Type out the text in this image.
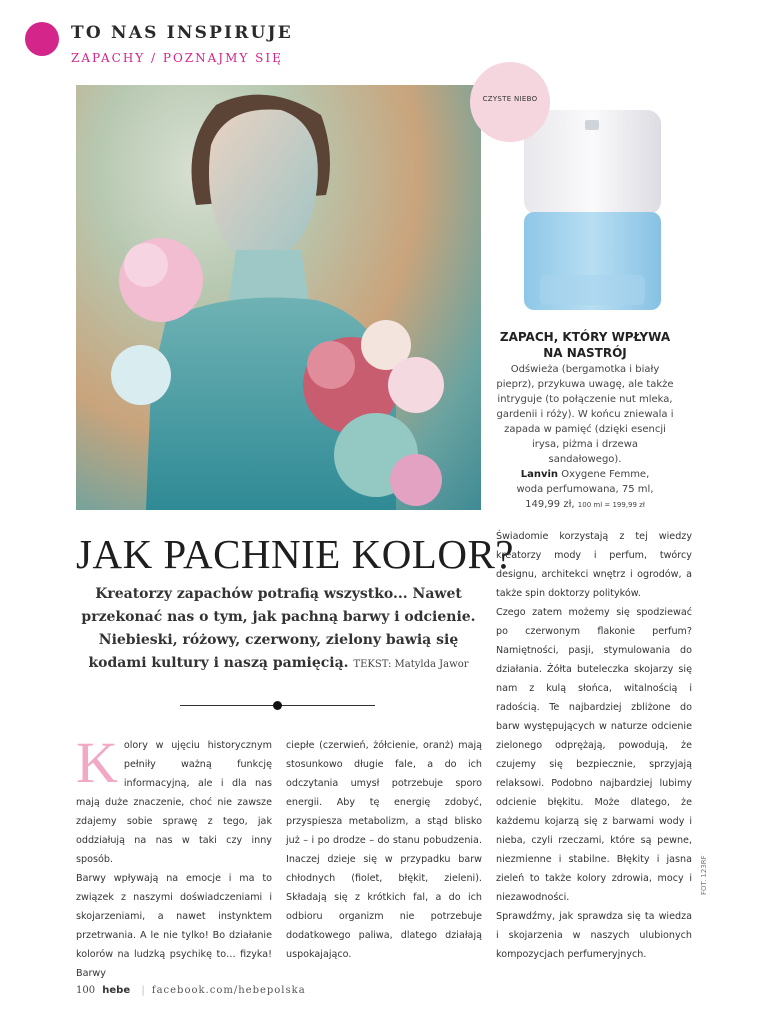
TO NAS INSPIRUJE
ZAPACHY / POZNAJMY SIĘ
CZYSTE NIEBO
ZAPACH, KTÓRY WPŁYWA NA NASTRÓJ
Odświeża (bergamotka i biały pieprz), przykuwa uwagę, ale także intryguje (to połączenie nut mleka, gardenii i róży). W końcu zniewala i zapada w pamięć (dzięki esencji irysa, piżma i drzewa sandałowego).
Lanvin Oxygene Femme,
woda perfumowana, 75 ml,
149,99 zł, 100 ml = 199,99 zł
JAK PACHNIE KOLOR?
Kreatorzy zapachów potrafią wszystko... Nawet przekonać nas o tym, jak pachną barwy i odcienie. Niebieski, różowy, czerwony, zielony bawią się kodami kultury i naszą pamięcią. TEKST: Matylda Jawor

Kolory w ujęciu historycznym pełniły ważną funkcję informacyjną, ale i dla nas mają duże znaczenie, choć nie zawsze zdajemy sobie sprawę z tego, jak oddziałują na nas w taki czy inny sposób.

Barwy wpływają na emocje i ma to związek z naszymi doświadczeniami i skojarzeniami, a nawet instynktem przetrwania. A le nie tylko! Bo działanie kolorów na ludzką psychikę to… fizyka! Barwy

ciepłe (czerwień, żółcienie, oranż) mają stosunkowo długie fale, a do ich odczytania umysł potrzebuje sporo energii. Aby tę energię zdobyć, przyspiesza metabolizm, a stąd blisko już – i po drodze – do stanu pobudzenia. Inaczej dzieje się w przypadku barw chłodnych (fiolet, błękit, zieleni). Składają się z krótkich fal, a do ich odbioru organizm nie potrzebuje dodatkowego paliwa, dlatego działają uspokajająco.

Świadomie korzystają z tej wiedzy kreatorzy mody i perfum, twórcy designu, architekci wnętrz i ogrodów, a także spin doktorzy polityków.

Czego zatem możemy się spodziewać po czerwonym flakonie perfum? Namiętności, pasji, stymulowania do działania. Żółta buteleczka skojarzy się nam z kulą słońca, witalnością i radością. Te najbardziej zbliżone do barw występujących w naturze odcienie zielonego odprężają, powodują, że czujemy się bezpiecznie, sprzyjają relaksowi. Podobno najbardziej lubimy odcienie błękitu. Może dlatego, że każdemu kojarzą się z barwami wody i nieba, czyli rzeczami, które są pewne, niezmienne i stabilne. Błękity i jasna zieleń to także kolory zdrowia, mocy i niezawodności.

Sprawdźmy, jak sprawdza się ta wiedza i skojarzenia w naszych ulubionych kompozycjach perfumeryjnych.

FOT. 123RF
100 hebe | facebook.com/hebepolska
